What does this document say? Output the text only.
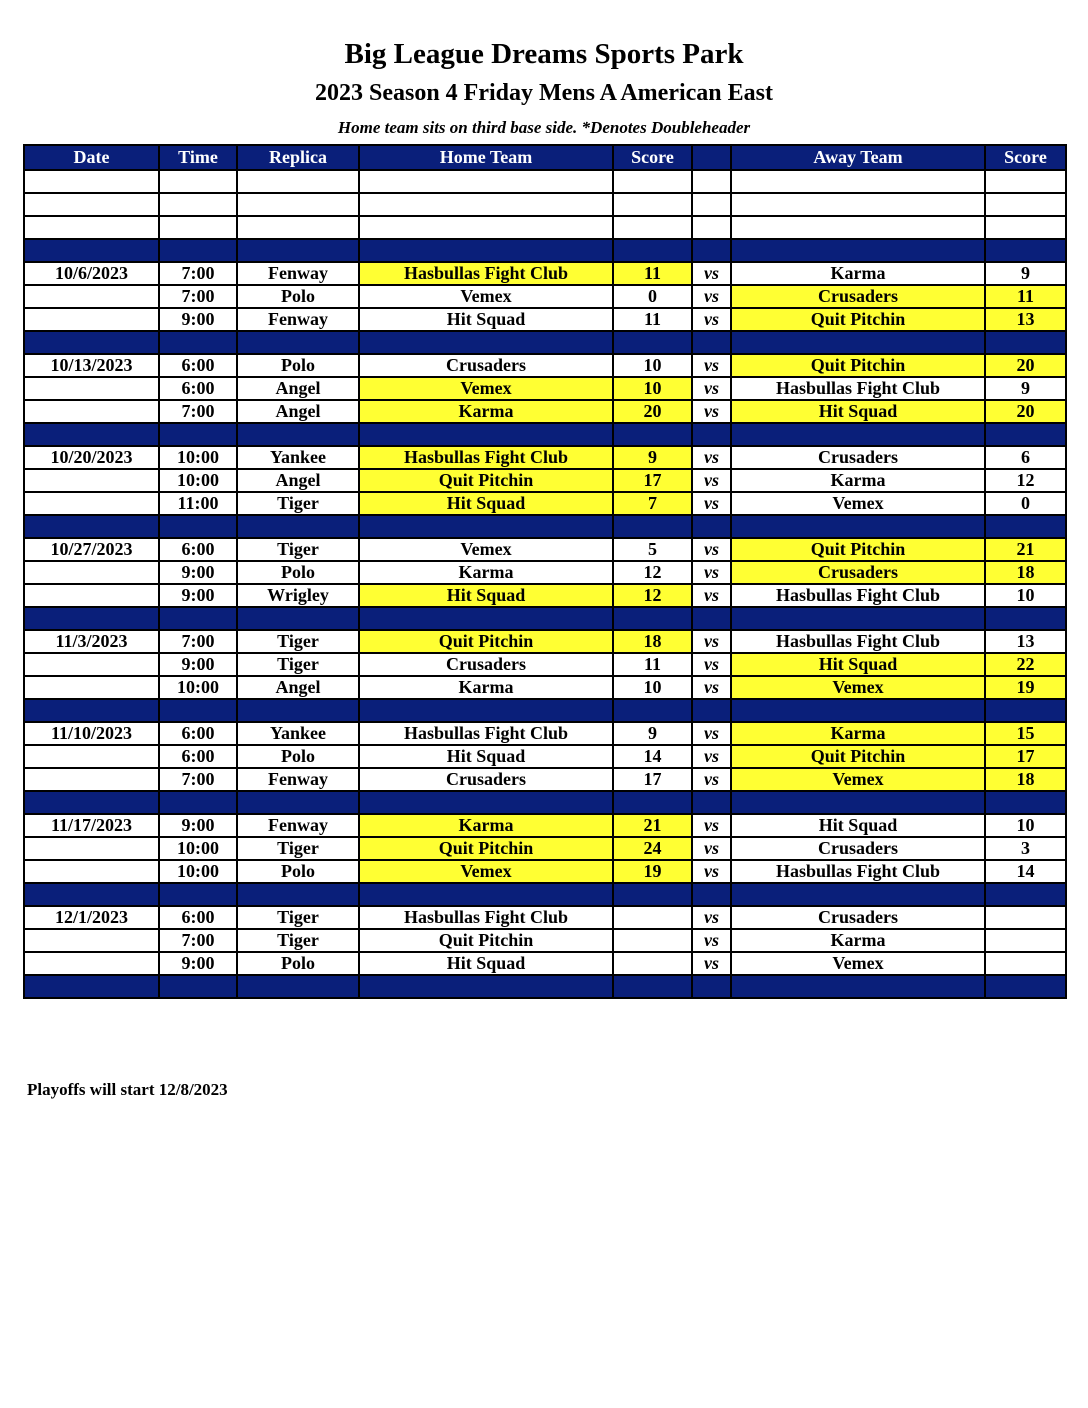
Big League Dreams Sports Park
2023 Season 4 Friday Mens A American East
Home team sits on third base side. *Denotes Doubleheader
Date	Time	Replica	Home Team	Score		Away Team	Score

10/6/2023	7:00	Fenway	Hasbullas Fight Club	11	vs	Karma	9
	7:00	Polo	Vemex	0	vs	Crusaders	11
	9:00	Fenway	Hit Squad	11	vs	Quit Pitchin	13

10/13/2023	6:00	Polo	Crusaders	10	vs	Quit Pitchin	20
	6:00	Angel	Vemex	10	vs	Hasbullas Fight Club	9
	7:00	Angel	Karma	20	vs	Hit Squad	20

10/20/2023	10:00	Yankee	Hasbullas Fight Club	9	vs	Crusaders	6
	10:00	Angel	Quit Pitchin	17	vs	Karma	12
	11:00	Tiger	Hit Squad	7	vs	Vemex	0

10/27/2023	6:00	Tiger	Vemex	5	vs	Quit Pitchin	21
	9:00	Polo	Karma	12	vs	Crusaders	18
	9:00	Wrigley	Hit Squad	12	vs	Hasbullas Fight Club	10

11/3/2023	7:00	Tiger	Quit Pitchin	18	vs	Hasbullas Fight Club	13
	9:00	Tiger	Crusaders	11	vs	Hit Squad	22
	10:00	Angel	Karma	10	vs	Vemex	19

11/10/2023	6:00	Yankee	Hasbullas Fight Club	9	vs	Karma	15
	6:00	Polo	Hit Squad	14	vs	Quit Pitchin	17
	7:00	Fenway	Crusaders	17	vs	Vemex	18

11/17/2023	9:00	Fenway	Karma	21	vs	Hit Squad	10
	10:00	Tiger	Quit Pitchin	24	vs	Crusaders	3
	10:00	Polo	Vemex	19	vs	Hasbullas Fight Club	14

12/1/2023	6:00	Tiger	Hasbullas Fight Club		vs	Crusaders	
	7:00	Tiger	Quit Pitchin		vs	Karma	
	9:00	Polo	Hit Squad		vs	Vemex	

Playoffs will start 12/8/2023
